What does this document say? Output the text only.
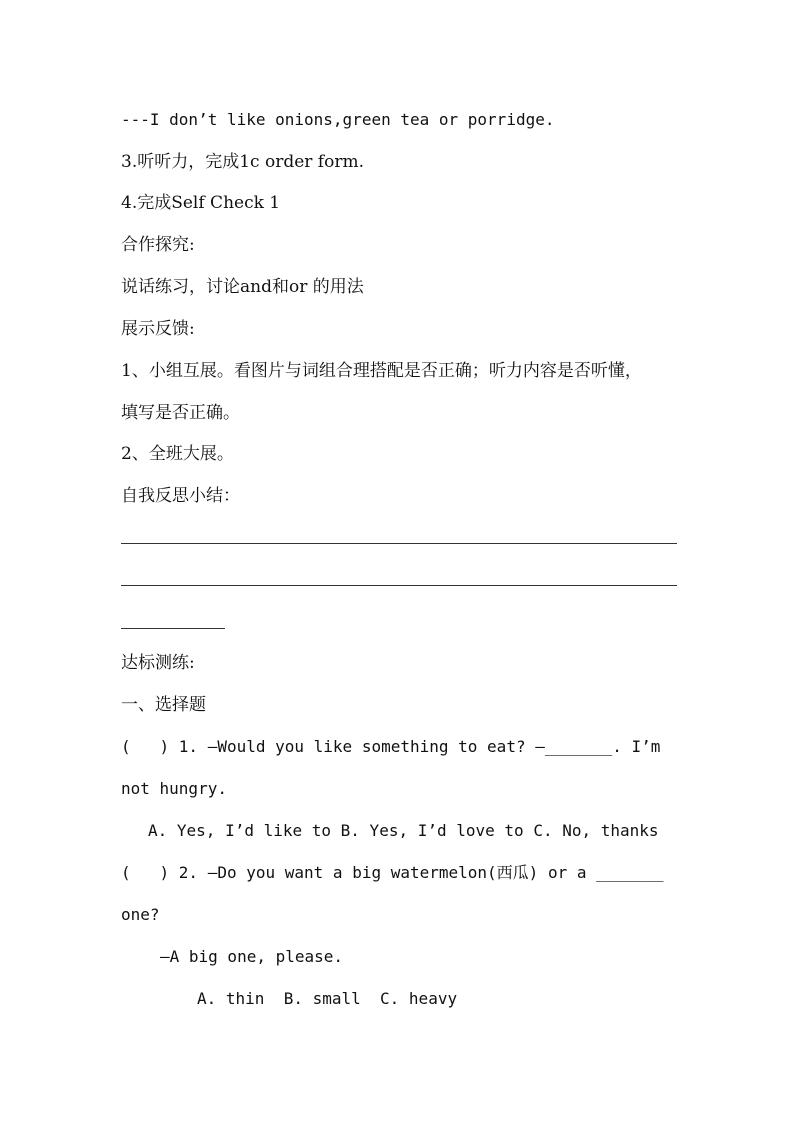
---I don’t like onions,green tea or porridge.
3.听听力，完成1c order form.
4.完成Self Check 1
合作探究:
说话练习，讨论and和or 的用法
展示反馈:
1、小组互展。看图片与词组合理搭配是否正确；听力内容是否听懂，
填写是否正确。
2、全班大展。
自我反思小结：
达标测练:
一、选择题
(   ) 1. —Would you like something to eat? —_______. I’m
not hungry.
A. Yes, I’d like to B. Yes, I’d love to C. No, thanks
(   ) 2. —Do you want a big watermelon(西瓜) or a _______
one?
—A big one, please.
A. thin  B. small  C. heavy
